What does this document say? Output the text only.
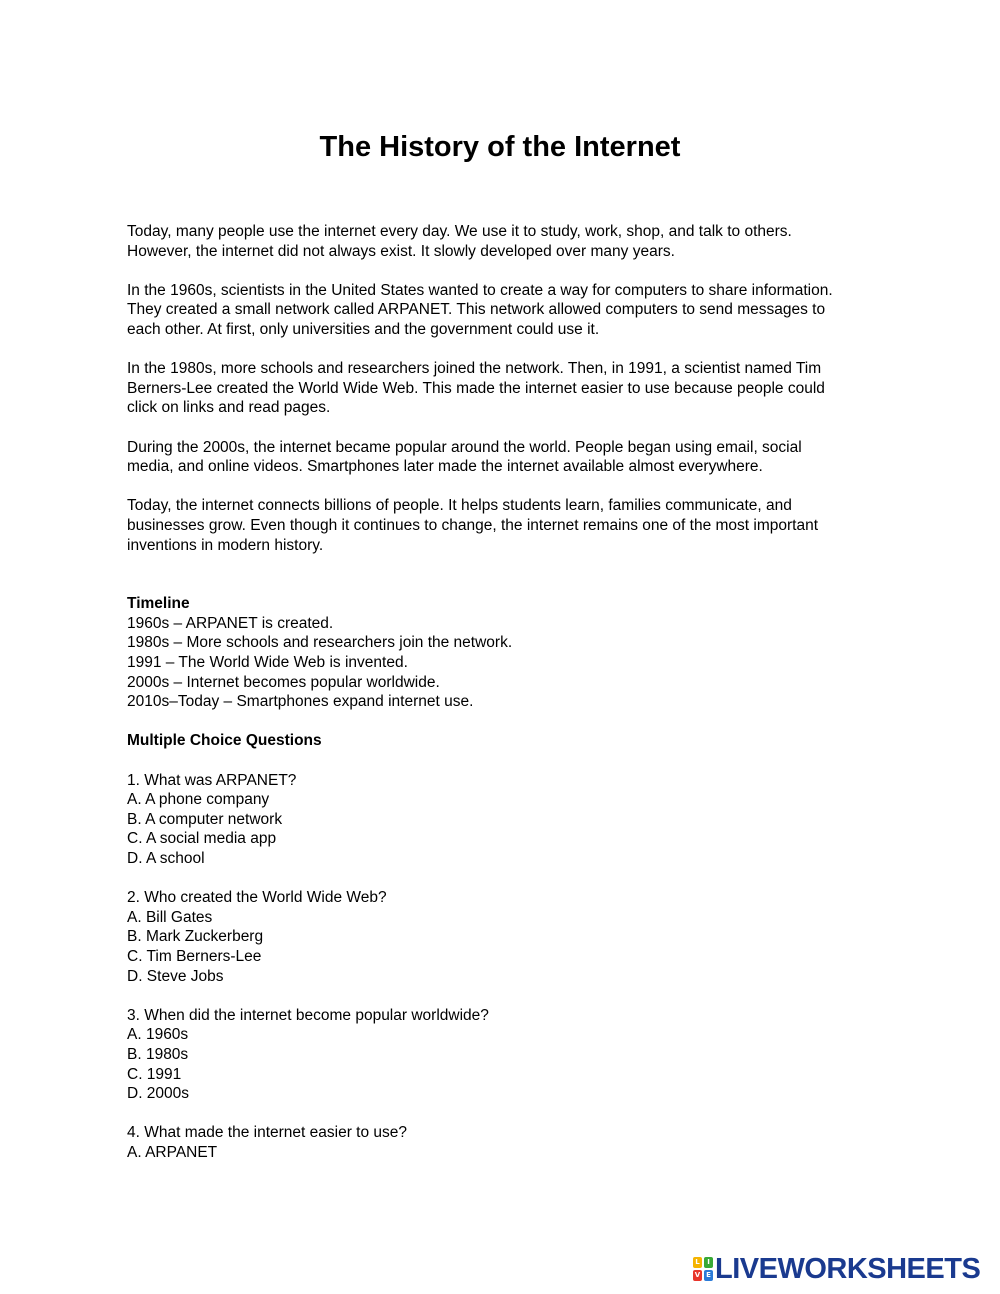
The History of the Internet
Today, many people use the internet every day. We use it to study, work, shop, and talk to others.
However, the internet did not always exist. It slowly developed over many years.
In the 1960s, scientists in the United States wanted to create a way for computers to share information.
They created a small network called ARPANET. This network allowed computers to send messages to
each other. At first, only universities and the government could use it.
In the 1980s, more schools and researchers joined the network. Then, in 1991, a scientist named Tim
Berners-Lee created the World Wide Web. This made the internet easier to use because people could
click on links and read pages.
During the 2000s, the internet became popular around the world. People began using email, social
media, and online videos. Smartphones later made the internet available almost everywhere.
Today, the internet connects billions of people. It helps students learn, families communicate, and
businesses grow. Even though it continues to change, the internet remains one of the most important
inventions in modern history.

Timeline

1960s – ARPANET is created.
1980s – More schools and researchers join the network.
1991 – The World Wide Web is invented.
2000s – Internet becomes popular worldwide.
2010s–Today – Smartphones expand internet use.

Multiple Choice Questions

1. What was ARPANET?
A. A phone company
B. A computer network
C. A social media app
D. A school
2. Who created the World Wide Web?
A. Bill Gates
B. Mark Zuckerberg
C. Tim Berners-Lee
D. Steve Jobs
3. When did the internet become popular worldwide?
A. 1960s
B. 1980s
C. 1991
D. 2000s
4. What made the internet easier to use?
A. ARPANET
L	I
V E LIVEWORKSHEETS
